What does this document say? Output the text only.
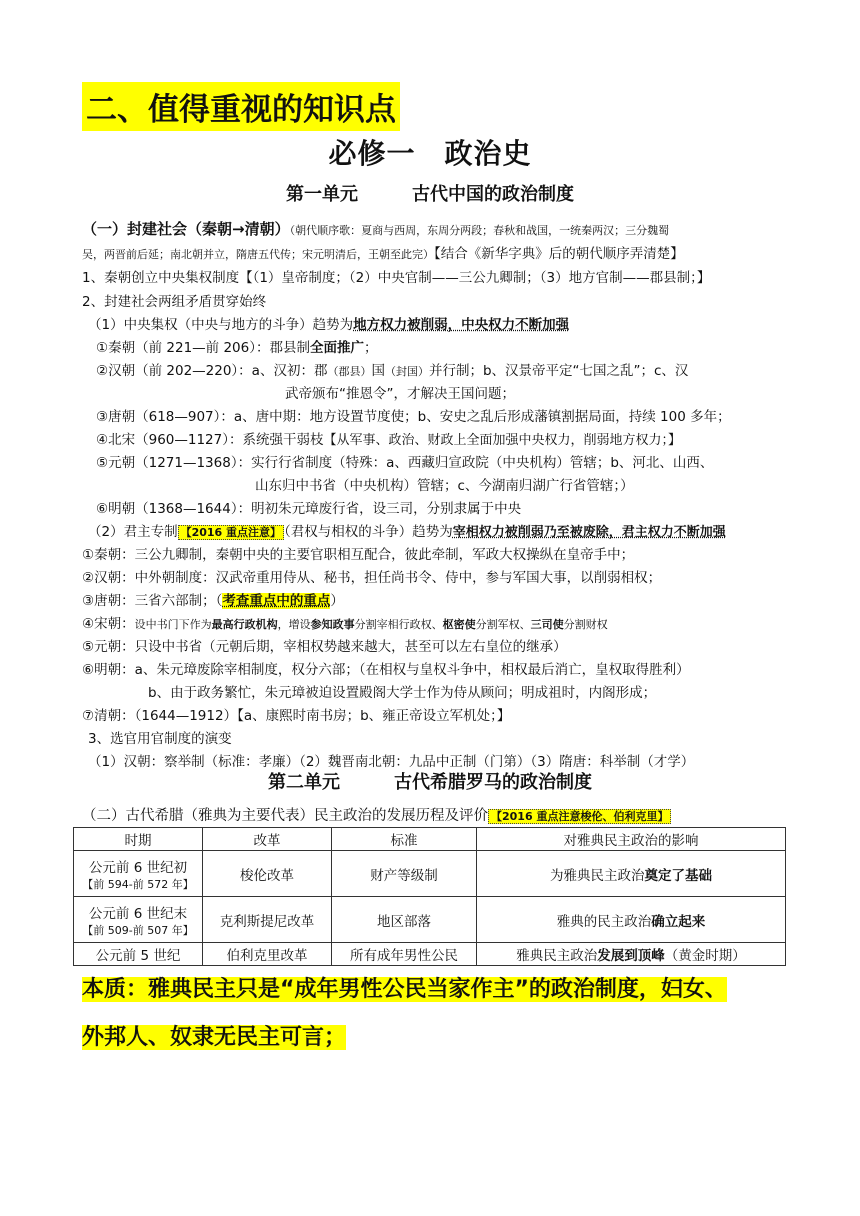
二、值得重视的知识点
必修一　政治史
第一单元　　　古代中国的政治制度
（一）封建社会（秦朝→清朝）（朝代顺序歌：夏商与西周，东周分两段；春秋和战国，一统秦两汉；三分魏蜀
吴，两晋前后延；南北朝并立，隋唐五代传；宋元明清后，王朝至此完）【结合《新华字典》后的朝代顺序弄清楚】
1、秦朝创立中央集权制度【（1）皇帝制度；（2）中央官制——三公九卿制；（3）地方官制——郡县制；】
2、封建社会两组矛盾贯穿始终
（1）中央集权（中央与地方的斗争）趋势为地方权力被削弱，中央权力不断加强
①秦朝（前 221—前 206）：郡县制全面推广；
②汉朝（前 202—220）：a、汉初：郡（郡县）国（封国）并行制；b、汉景帝平定“七国之乱”；c、汉
武帝颁布“推恩令”，才解决王国问题；
③唐朝（618—907）：a、唐中期：地方设置节度使；b、安史之乱后形成藩镇割据局面，持续 100 多年；
④北宋（960—1127）：系统强干弱枝【从军事、政治、财政上全面加强中央权力，削弱地方权力；】
⑤元朝（1271—1368）：实行行省制度（特殊：a、西藏归宣政院（中央机构）管辖；b、河北、山西、
山东归中书省（中央机构）管辖；c、今湖南归湖广行省管辖；）
⑥明朝（1368—1644）：明初朱元璋废行省，设三司，分别隶属于中央
（2）君主专制 【2016 重点注意】 （君权与相权的斗争）趋势为宰相权力被削弱乃至被废除，君主权力不断加强
①秦朝：三公九卿制，秦朝中央的主要官职相互配合，彼此牵制，军政大权操纵在皇帝手中；
②汉朝：中外朝制度：汉武帝重用侍从、秘书，担任尚书令、侍中，参与军国大事，以削弱相权；
③唐朝：三省六部制；（考查重点中的重点）
④宋朝：设中书门下作为最高行政机构，增设参知政事分割宰相行政权、枢密使分割军权、三司使分割财权
⑤元朝：只设中书省（元朝后期，宰相权势越来越大，甚至可以左右皇位的继承）
⑥明朝：a、朱元璋废除宰相制度，权分六部；（在相权与皇权斗争中，相权最后消亡，皇权取得胜利）
b、由于政务繁忙，朱元璋被迫设置殿阁大学士作为侍从顾问；明成祖时，内阁形成；
⑦清朝：（1644—1912）【a、康熙时南书房；b、雍正帝设立军机处；】
3、选官用官制度的演变
（1）汉朝：察举制（标准：孝廉）（2）魏晋南北朝：九品中正制（门第）（3）隋唐：科举制（才学）
第二单元　　　古代希腊罗马的政治制度
（二）古代希腊（雅典为主要代表）民主政治的发展历程及评价 【2016 重点注意梭伦、伯利克里】
时期	改革	标准	对雅典民主政治的影响

公元前 6 世纪初
【前 594-前 572 年】	梭伦改革	财产等级制	为雅典民主政治奠定了基础

公元前 6 世纪末
【前 509-前 507 年】	克利斯提尼改革	地区部落	雅典的民主政治确立起来
公元前 5 世纪	伯利克里改革	所有成年男性公民	雅典民主政治发展到顶峰（黄金时期）
本质：雅典民主只是“成年男性公民当家作主”的政治制度，妇女、
外邦人、奴隶无民主可言；
